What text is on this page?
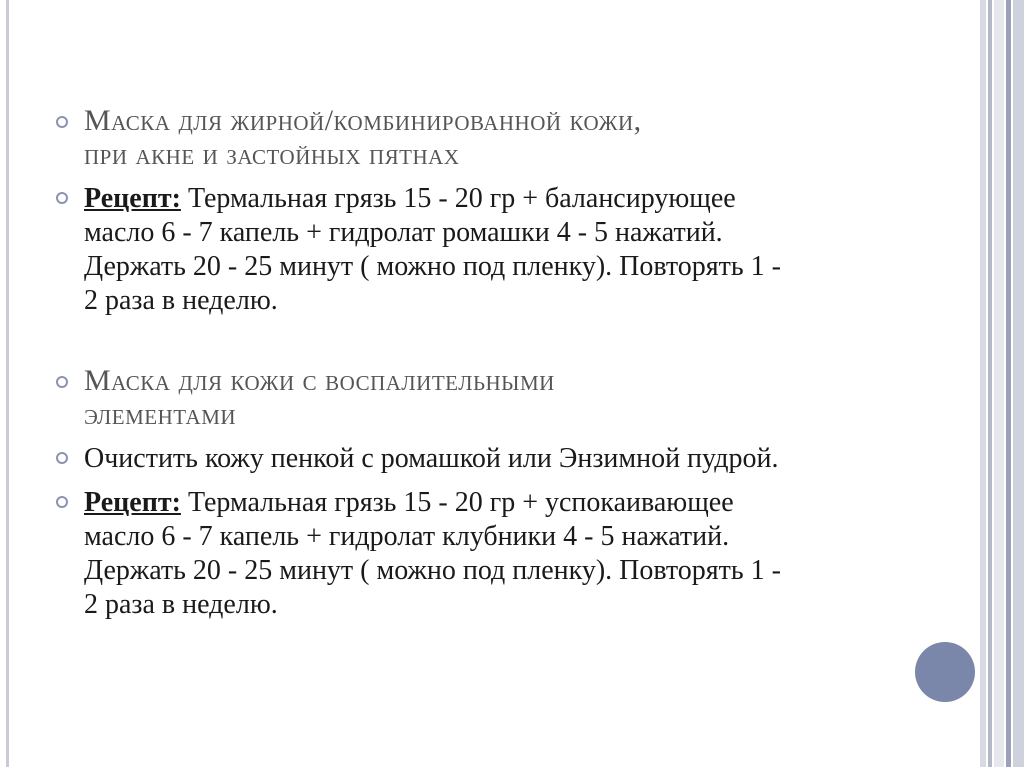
Маска для жирной/комбинированной кожи,
при акне и застойных пятнах
Рецепт: Термальная грязь 15 - 20 гр + балансирующее
масло 6 - 7 капель + гидролат ромашки 4 - 5 нажатий.
Держать 20 - 25 минут ( можно под пленку). Повторять 1 -
2 раза в неделю.
Маска для кожи с воспалительными
элементами
Очистить кожу пенкой с ромашкой или Энзимной пудрой.
Рецепт: Термальная грязь 15 - 20 гр + успокаивающее
масло 6 - 7 капель + гидролат клубники 4 - 5 нажатий.
Держать 20 - 25 минут ( можно под пленку). Повторять 1 -
2 раза в неделю.
